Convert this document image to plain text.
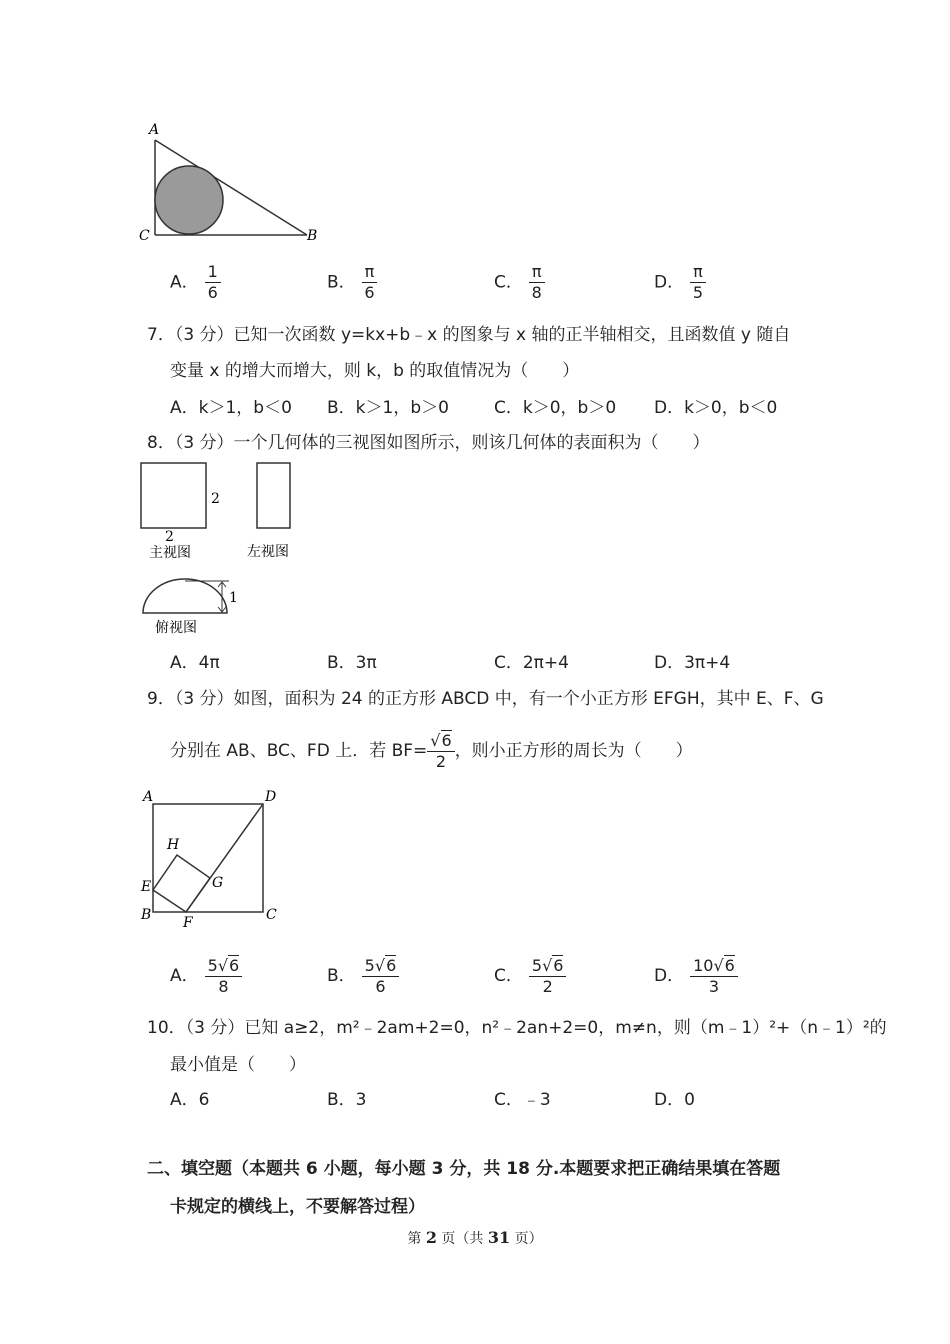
A
B
C
A． $\frac{1}{6}$	B． $\frac{\pi}{6}$	C． $\frac{\pi}{8}$	D． $\frac{\pi}{5}$
7．（3 分）已知一次函数 y=kx+b﹣x 的图象与 x 轴的正半轴相交，且函数值 y 随自
变量 x 的增大而增大，则 k，b 的取值情况为（　　）
A．k＞1，b＜0 B．k＞1，b＞0	C．k＞0，b＞0 D．k＞0，b＜0
8．（3 分）一个几何体的三视图如图所示，则该几何体的表面积为（　　）
2
2
主视图	左视图
1
俯视图
A．4π	B．3π	C．2π+4	D．3π+4
9．（3 分）如图，面积为 24 的正方形 ABCD 中，有一个小正方形 EFGH，其中 E、F、G
分别在 AB、BC、FD 上．若 $BF= \frac{√6}{2}$ ，则小正方形的周长为（　　）
A	D
H
E	G
B F	C
A． $\frac{5√6}{8}$	B． $\frac{5√6}{6}$	C． $\frac{5√6}{2}$	D． $\frac{10√6}{3}$
10．（3 分）已知 a≥2，m²﹣2am+2=0，n²﹣2an+2=0，m≠n，则（m﹣1）²+（n﹣1）²的
最小值是（　　）
A．6	B．3	C．﹣3	D．0
二、填空题（本题共 6 小题，每小题 3 分，共 18 分.本题要求把正确结果填在答题
卡规定的横线上，不要解答过程）
第 2 页（共 31 页）
